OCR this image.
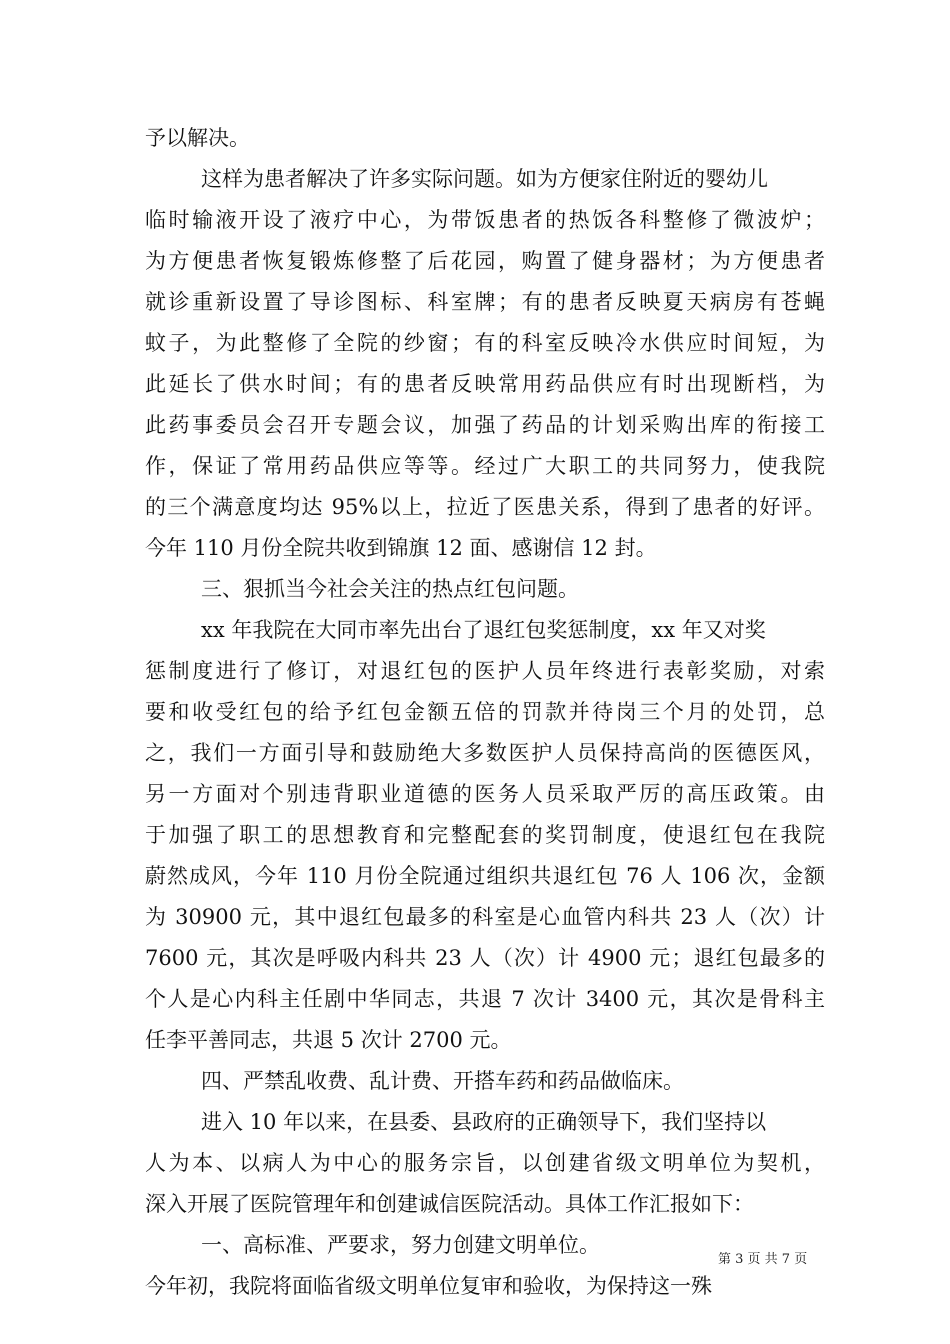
予以解决。
这样为患者解决了许多实际问题。如为方便家住附近的婴幼儿
临时输液开设了液疗中心，为带饭患者的热饭各科整修了微波炉；
为方便患者恢复锻炼修整了后花园，购置了健身器材；为方便患者
就诊重新设置了导诊图标、科室牌；有的患者反映夏天病房有苍蝇
蚊子，为此整修了全院的纱窗；有的科室反映冷水供应时间短，为
此延长了供水时间；有的患者反映常用药品供应有时出现断档，为
此药事委员会召开专题会议，加强了药品的计划采购出库的衔接工
作，保证了常用药品供应等等。经过广大职工的共同努力，使我院
的三个满意度均达 95%以上，拉近了医患关系，得到了患者的好评。
今年 110 月份全院共收到锦旗 12 面、感谢信 12 封。
三、狠抓当今社会关注的热点红包问题。
xx 年我院在大同市率先出台了退红包奖惩制度，xx 年又对奖
惩制度进行了修订，对退红包的医护人员年终进行表彰奖励，对索
要和收受红包的给予红包金额五倍的罚款并待岗三个月的处罚，总
之，我们一方面引导和鼓励绝大多数医护人员保持高尚的医德医风，
另一方面对个别违背职业道德的医务人员采取严厉的高压政策。由
于加强了职工的思想教育和完整配套的奖罚制度，使退红包在我院
蔚然成风，今年 110 月份全院通过组织共退红包 76 人 106 次，金额
为 30900 元，其中退红包最多的科室是心血管内科共 23 人（次）计
7600 元，其次是呼吸内科共 23 人（次）计 4900 元；退红包最多的
个人是心内科主任剧中华同志，共退 7 次计 3400 元，其次是骨科主
任李平善同志，共退 5 次计 2700 元。
四、严禁乱收费、乱计费、开搭车药和药品做临床。
进入 10 年以来，在县委、县政府的正确领导下，我们坚持以
人为本、以病人为中心的服务宗旨，以创建省级文明单位为契机，
深入开展了医院管理年和创建诚信医院活动。具体工作汇报如下：
一、高标准、严要求，努力创建文明单位。
今年初，我院将面临省级文明单位复审和验收，为保持这一殊
第 3 页 共 7 页
